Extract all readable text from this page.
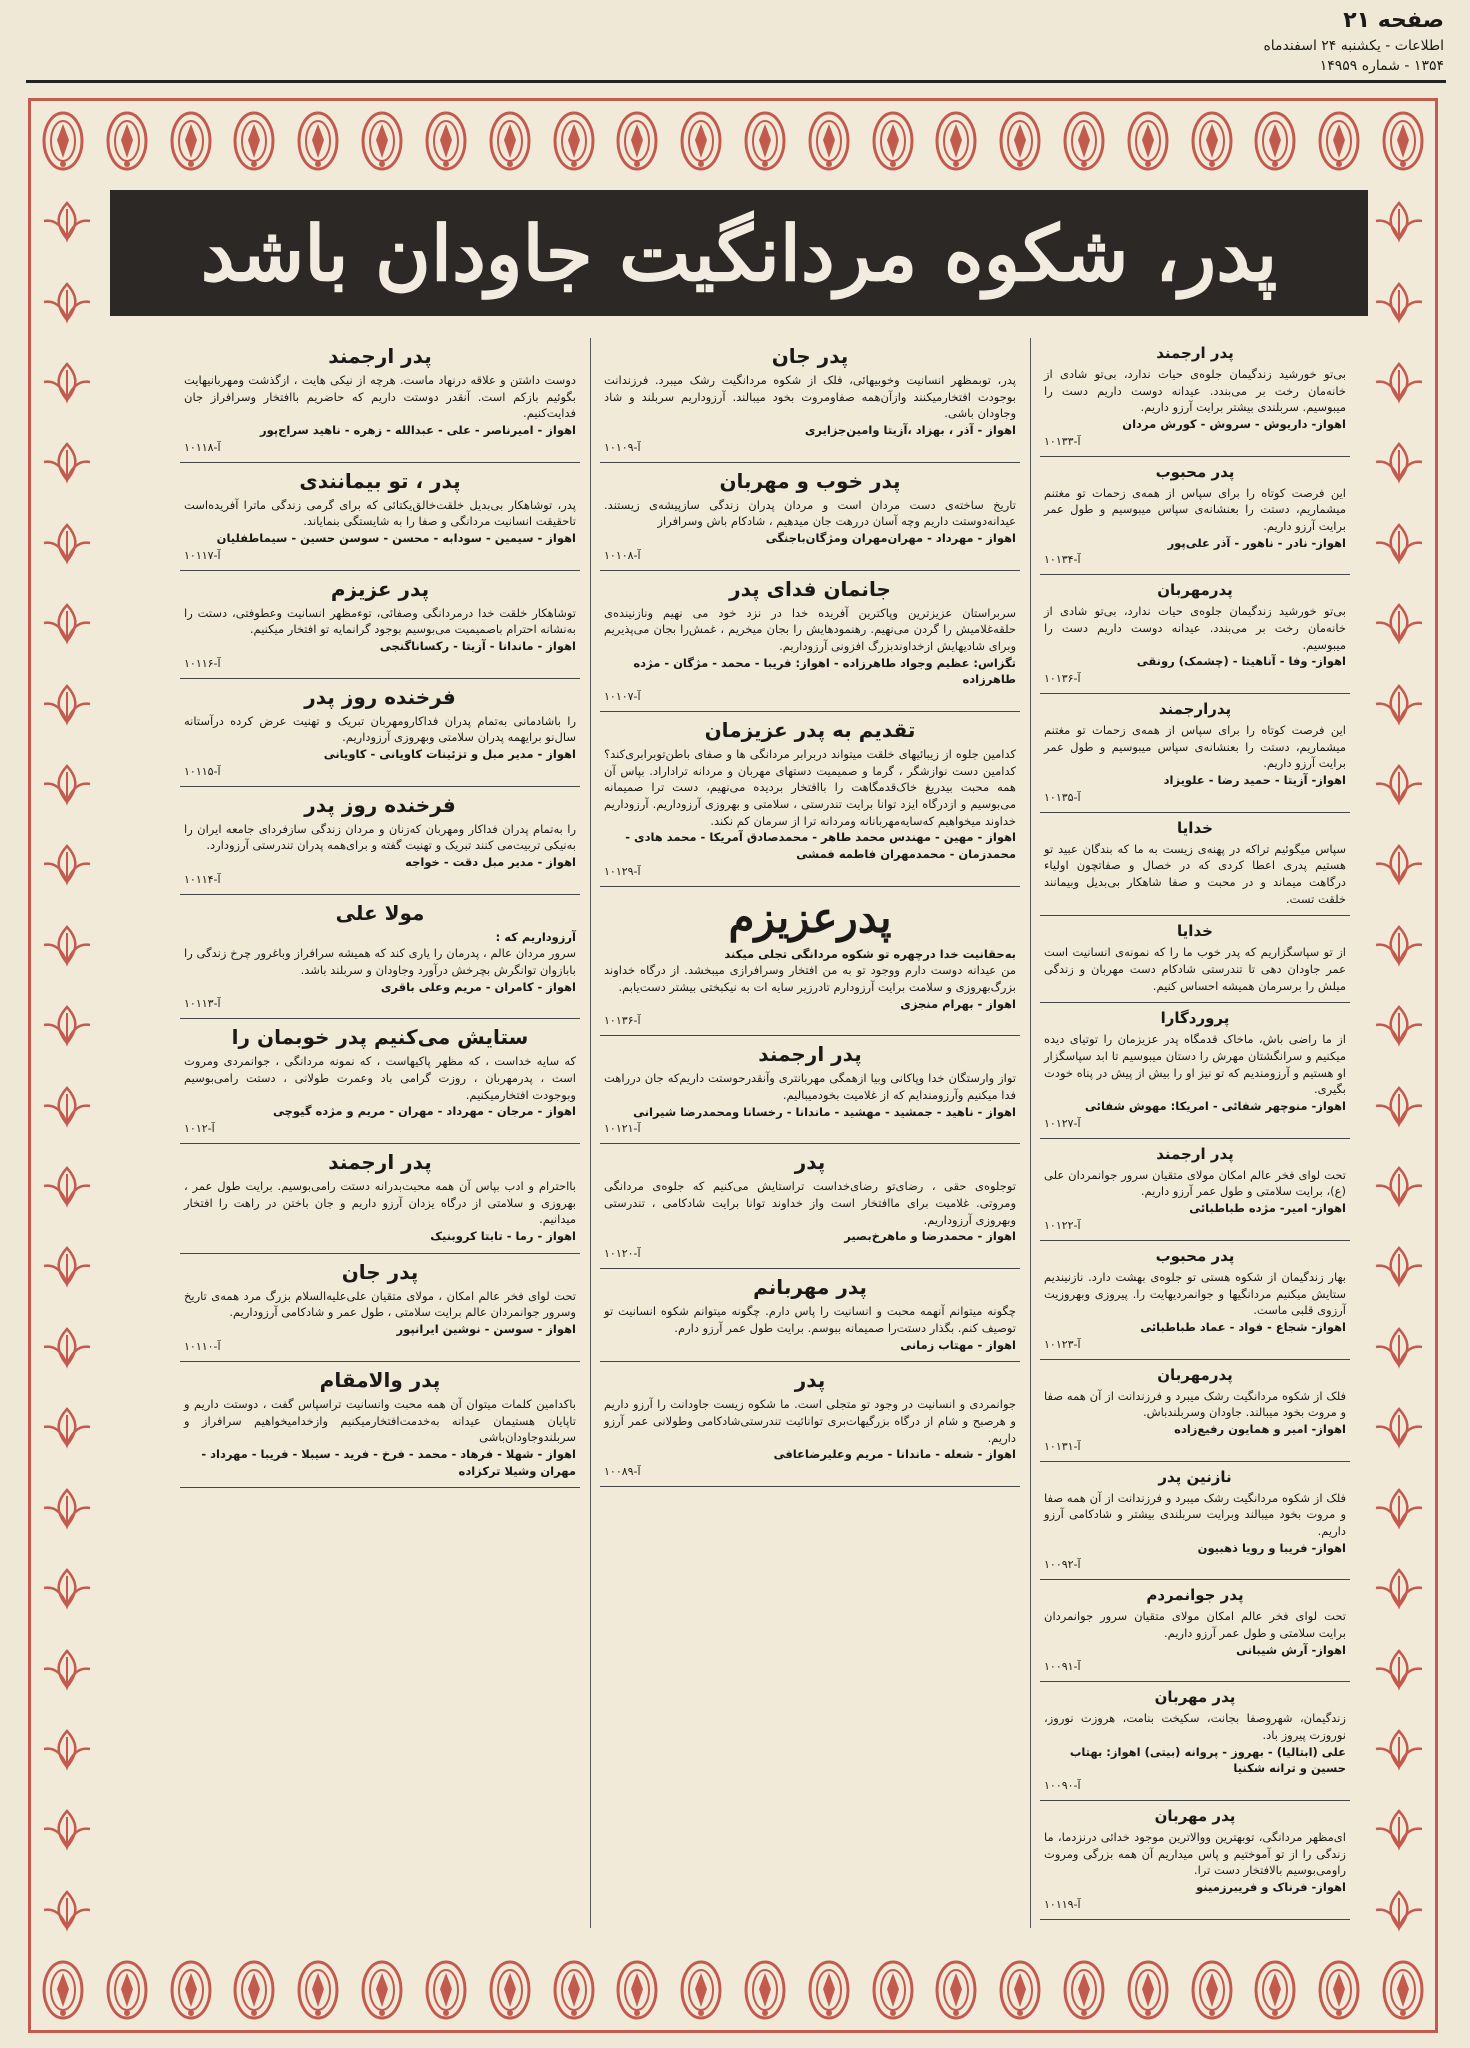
صفحه ۲۱
اطلاعات - یکشنبه ۲۴ اسفندماه
۱۳۵۴ - شماره ۱۴۹۵۹
پدر، شکوه مردانگیت جاودان باشد
پدر ارجمند
بی‌تو خورشید زندگیمان جلوه‌ی حیات ندارد، بی‌تو شادی از خانه‌مان رخت بر می‌بندد. عیدانه دوست داریم دست را میبوسیم. سربلندی بیشتر برایت آرزو داریم.
اهواز- داریوش - سروش - کورش مردان
آ-۱۰۱۳۳
پدر محبوب
این فرصت کوتاه را برای سپاس از همه‌ی زحمات تو مغتنم میشماریم، دستت را بعنشانه‌ی سپاس میبوسیم و طول عمر برایت آرزو داریم.
اهواز- نادر - ناهور - آذر علی‌پور
آ-۱۰۱۳۴
پدرمهربان
بی‌تو خورشید زندگیمان جلوه‌ی حیات ندارد، بی‌تو شادی از خانه‌مان رخت بر می‌بندد. عیدانه دوست داریم دست را میبوسیم.
اهواز- وفا - آناهیتا - (چشمک) رونقی
آ-۱۰۱۳۶
پدرارجمند
این فرصت کوتاه را برای سپاس از همه‌ی زحمات تو مغتنم میشماریم، دستت را بعنشانه‌ی سپاس میبوسیم و طول عمر برایت آرزو داریم.
اهواز- آزیتا - حمید رضا - علویزاد
آ-۱۰۱۳۵
خدایا
سپاس میگوئیم تراکه در پهنه‌ی زیست به ما که بندگان عبید تو هستیم پدری اعطا کردی که در خصال و صفاتچون اولیاء درگاهت میماند و در محبت و صفا شاهکار بی‌بدیل وبیمانند خلقت تست.
خدایا
از تو سپاسگزاریم که پدر خوب ما را که نمونه‌ی انسانیت است عمر جاودان دهی تا تندرستی شادکام دست مهربان و زندگی میلش را برسرمان همیشه احساس کنیم.
پروردگارا
از ما راضی باش، ماخاک قدمگاه پدر عزیزمان را توتیای دیده میکنیم و سرانگشتان مهرش را دستان میبوسیم تا ابد سپاسگزار او هستیم و آرزومندیم که تو نیز او را بیش از پیش در پناه خودت بگیری.
اهواز- منوچهر شفائی - امریکا: مهوش شفائی
آ-۱۰۱۲۷
پدر ارجمند
تحت لوای فخر عالم امکان مولای متقیان سرور جوانمردان علی (ع)، برایت سلامتی و طول عمر آرزو داریم.
اهواز- امیر- مژده طباطبائی
آ-۱۰۱۲۲
پدر محبوب
بهار زندگیمان از شکوه هستی تو جلوه‌ی بهشت دارد. نازنیندیم ستایش میکنیم مردانگیها و جوانمردیهایت را. پیروزی وبهروزیت آرزوی قلبی ماست.
اهواز- شجاع - فواد - عماد طباطبائی
آ-۱۰۱۲۳
پدرمهربان
فلک از شکوه مردانگیت رشک میبرد و فرزندانت از آن همه صفا و مروت بخود میبالند. جاودان وسربلندباش.
اهواز- امیر و همایون رفیع‌زاده
آ-۱۰۱۳۱
نازنین پدر
فلک از شکوه مردانگیت رشک میبرد و فرزندانت از آن همه صفا و مروت بخود میبالند وبرایت سربلندی بیشتر و شادکامی آرزو داریم.
اهواز- فریبا و رویا ذهبیون
آ-۱۰۰۹۲
پدر جوانمردم
تحت لوای فخر عالم امکان مولای متقیان سرور جوانمردان برایت سلامتی و طول عمر آرزو داریم.
اهواز- آرش شیبانی
آ-۱۰۰۹۱
پدر مهربان
زندگیمان، شهرو‌صفا بجانت، سکیخت بنامت، هروزت نوروز، نوروزت پیروز باد.
علی (ابتالیا) - بهروز - پروانه (بیتی) اهواز: بهتاب حسین و ترانه شکنیا
آ-۱۰۰۹۰
پدر مهربان
ای‌مظهر مردانگی، توبهترین ووالاترین موجود خدائی درنزدما، ما زندگی را از تو آموختیم و پاس میداریم آن همه بزرگی ومروت راومی‌بوسیم بالافتخار دست ترا.
اهواز- فرناک و فریبرزمینو
آ-۱۰۱۱۹
پدر جان
پدر، توبمظهر انسانیت وخوبیهائی، فلک از شکوه مردانگیت رشک میبرد. فرزندانت بوجودت افتخارمیکنند وازآن‌همه صفاومروت بخود میبالند. آرزوداریم سربلند و شاد وجاودان باشی.
اهواز - آذر ، بهزاد ،آزیتا وامین‌جزایری
آ-۱۰۱۰۹
پدر خوب و مهربان
تاریخ ساخته‌ی دست مردان است و مردان پدران زندگی سازپیشه‌ی زیستند. عیدانه‌دوستت داریم وچه آسان دررهت جان میدهیم ، شادکام باش وسرافراز
اهواز - مهرداد - مهران‌مهران ومژگان‌باجنگی
آ-۱۰۱۰۸
جانمان فدای پدر
سربراستان عزیزترین وپاکترین آفریده خدا در نزد خود می نهیم ونازنینده‌ی حلقه‌غلامیش را گردن می‌نهیم. رهنمودهایش را بجان میخریم ، غمش‌را بجان می‌پذیریم وبرای شادیهایش ازخداوندبزرگ افزونی آرزوداریم.
تگزاس: عظیم وجواد طاهرزاده - اهواز: فریبا - محمد - مژگان - مژده طاهرزاده
آ-۱۰۱۰۷
تقدیم به پدر عزیزمان
کدامین جلوه از زیبائیهای خلقت میتواند دربرابر مردانگی ها و صفای باطن‌توبرابری‌کند؟ کدامین دست نوازشگر ، گرما و صمیمیت دستهای مهربان و مردانه تراداراد. بپاس آن همه محبت بیدریغ خاک‌قدمگاهت را باافتخار بردیده می‌نهیم، دست ترا صمیمانه می‌بوسیم و ازدرگاه ایزد توانا برایت تندرستی ، سلامتی و بهروزی آرزوداریم. آرزوداریم خداوند میخواهیم که‌سایه‌مهربانانه ومردانه ترا از سرمان کم نکند.
اهواز - مهین - مهندس محمد طاهر - محمدصادق آمریکا - محمد هادی - محمدزمان - محمدمهران فاطمه فمشی
آ-۱۰۱۲۹
پدرعزیزم
به‌حقانیت خدا درچهره تو شکوه مردانگی تجلی میکند
من عیدانه دوست دارم ووجود تو به من افتخار وسرافرازی میبخشد. از درگاه خداوند بزرگ‌بهروزی و سلامت برایت آرزودارم تادرزیر سایه ات به نیکبختی بیشتر دست‌یابم.
اهواز - بهرام منجزی
آ-۱۰۱۳۶
پدر ارجمند
تواز وارستگان خدا وپاکانی وبیا ازهمگی مهربانتری وآنقدرحوستت داریم‌که جان درراهت فدا میکنیم وآرزومندایم که از غلامیت بخودمیبالیم.
اهواز - ناهید - جمشید - مهشید - ماندانا - رخسانا ومحمدرضا شیرانی
آ-۱۰۱۲۱
پدر
توجلوه‌ی حقی ، رضای‌تو رضای‌خداست تراستایش می‌کنیم که جلوه‌ی مردانگی ومروتی. غلامیت برای ماافتخار است واز خداوند توانا برایت شادکامی ، تندرستی وبهروزی آرزوداریم.
اهواز - محمدرضا و ماهرخ‌بصیر
آ-۱۰۱۲۰
پدر مهربانم
چگونه میتوانم آنهمه محبت و انسانیت را پاس دارم. چگونه میتوانم شکوه انسانیت تو توصیف کنم. بگذار دستت‌را صمیمانه ببوسم. برایت طول عمر آرزو دارم.
اهواز - مهتاب زمانی
پدر
جوانمردی و انسانیت در وجود تو متجلی است. ما شکوه زیست جاودانت را آرزو داریم و هرصبح و شام از درگاه بزرگیهات‌بری توانائیت تندرستی‌شادکامی وطولانی عمر آرزو داریم.
اهواز - شعله - ماندانا - مریم وعلیرضا‌عافی
آ-۱۰۰۸۹
پدر ارجمند
دوست داشتن و علاقه درنهاد ماست. هرچه از نیکی هایت ، ازگذشت ومهربانیهایت بگوئیم بازکم است. آنقدر دوستت داریم که حاضریم باافتخار وسرافراز جان فدایت‌کنیم.
اهواز - امیرناصر - علی - عبدالله - زهره - ناهید سراج‌پور
آ-۱۰۱۱۸
پدر ، تو بیمانندی
پدر، توشاهکار بی‌بدیل خلقت‌خالق‌یکتائی که برای گرمی زندگی ماترا آفریده‌است تاحقیقت انسانیت مردانگی و صفا را به شایستگی بنمایاند.
اهواز - سیمین - سودابه - محسن - سوسن حسین - سیماطفلیان
آ-۱۰۱۱۷
پدر عزیزم
توشاهکار خلقت خدا درمردانگی وصفائی، توءمظهر انسانیت وعطوفتی، دستت را به‌نشانه احترام باصمیمیت می‌بوسیم بوجود گرانمایه تو افتخار میکنیم.
اهواز - ماندانا - آزیتا - رکسانا‌گنجی
آ-۱۰۱۱۶
فرخنده روز پدر
را باشادمانی به‌تمام پدران فداکارومهربان تبریک و تهنیت عرض کرده درآستانه سال‌نو برایهمه پدران سلامتی وبهروزی آرزوداریم.
اهواز - مدیر مبل و تزئینات کاویانی - کاویانی
آ-۱۰۱۱۵
فرخنده روز پدر
را به‌تمام پدران فداکار ومهربان که‌زنان و مردان زندگی سازفردای جامعه ایران را به‌نیکی تربیت‌می کنند تبریک و تهنیت گفته و برای‌همه پدران تندرستی آرزودارد.
اهواز - مدیر مبل دقت - خواجه
آ-۱۰۱۱۴
مولا علی
آرزوداریم که :
سرور مردان عالم ، پدرمان را یاری کند که همیشه سرافراز وباغرور چرخ زندگی را بابازوان توانگرش بچرخش درآورد وجاودان و سربلند باشد.
اهواز - کامران - مریم وعلی باقری
آ-۱۰۱۱۳
ستایش می‌کنیم پدر خوبمان را
که سایه خداست ، که مظهر پاکیهاست ، که نمونه مردانگی ، جوانمردی ومروت است ، پدرمهربان ، روزت گرامی باد وعمرت طولانی ، دستت رامی‌بوسیم وبوجودت افتخارمیکنیم.
اهواز - مرجان - مهرداد - مهران - مریم و مژده گیوچی
آ-۱۰۱۲
پدر ارجمند
بااحترام و ادب بپاس آن همه محبت‌بدرانه دستت رامی‌بوسیم. برایت طول عمر ، بهروزی و سلامتی از درگاه یزدان آرزو داریم و جان باختن در راهت را افتخار میدانیم.
اهواز - رما - تابتا کروبنیک
پدر جان
تحت لوای فخر عالم امکان ، مولای متقیان علی‌علیه‌السلام بزرگ مرد همه‌ی تاریخ وسرور جوانمردان عالم برایت سلامتی ، طول عمر و شادکامی آرزوداریم.
اهواز - سوسن - نوشین ایرانپور
آ-۱۰۱۱۰
پدر والامقام
باکدامین کلمات میتوان آن همه محبت وانسانیت تراسپاس گفت ، دوستت داریم و تاپایان هستیمان عیدانه به‌خدمت‌افتخارمیکنیم وازخدامیخواهیم سرافراز و سربلندوجاودان‌باشی
اهواز - شهلا - فرهاد - محمد - فرخ - فرید - سیبلا - فریبا - مهرداد - مهران وشیلا ترکزاده
